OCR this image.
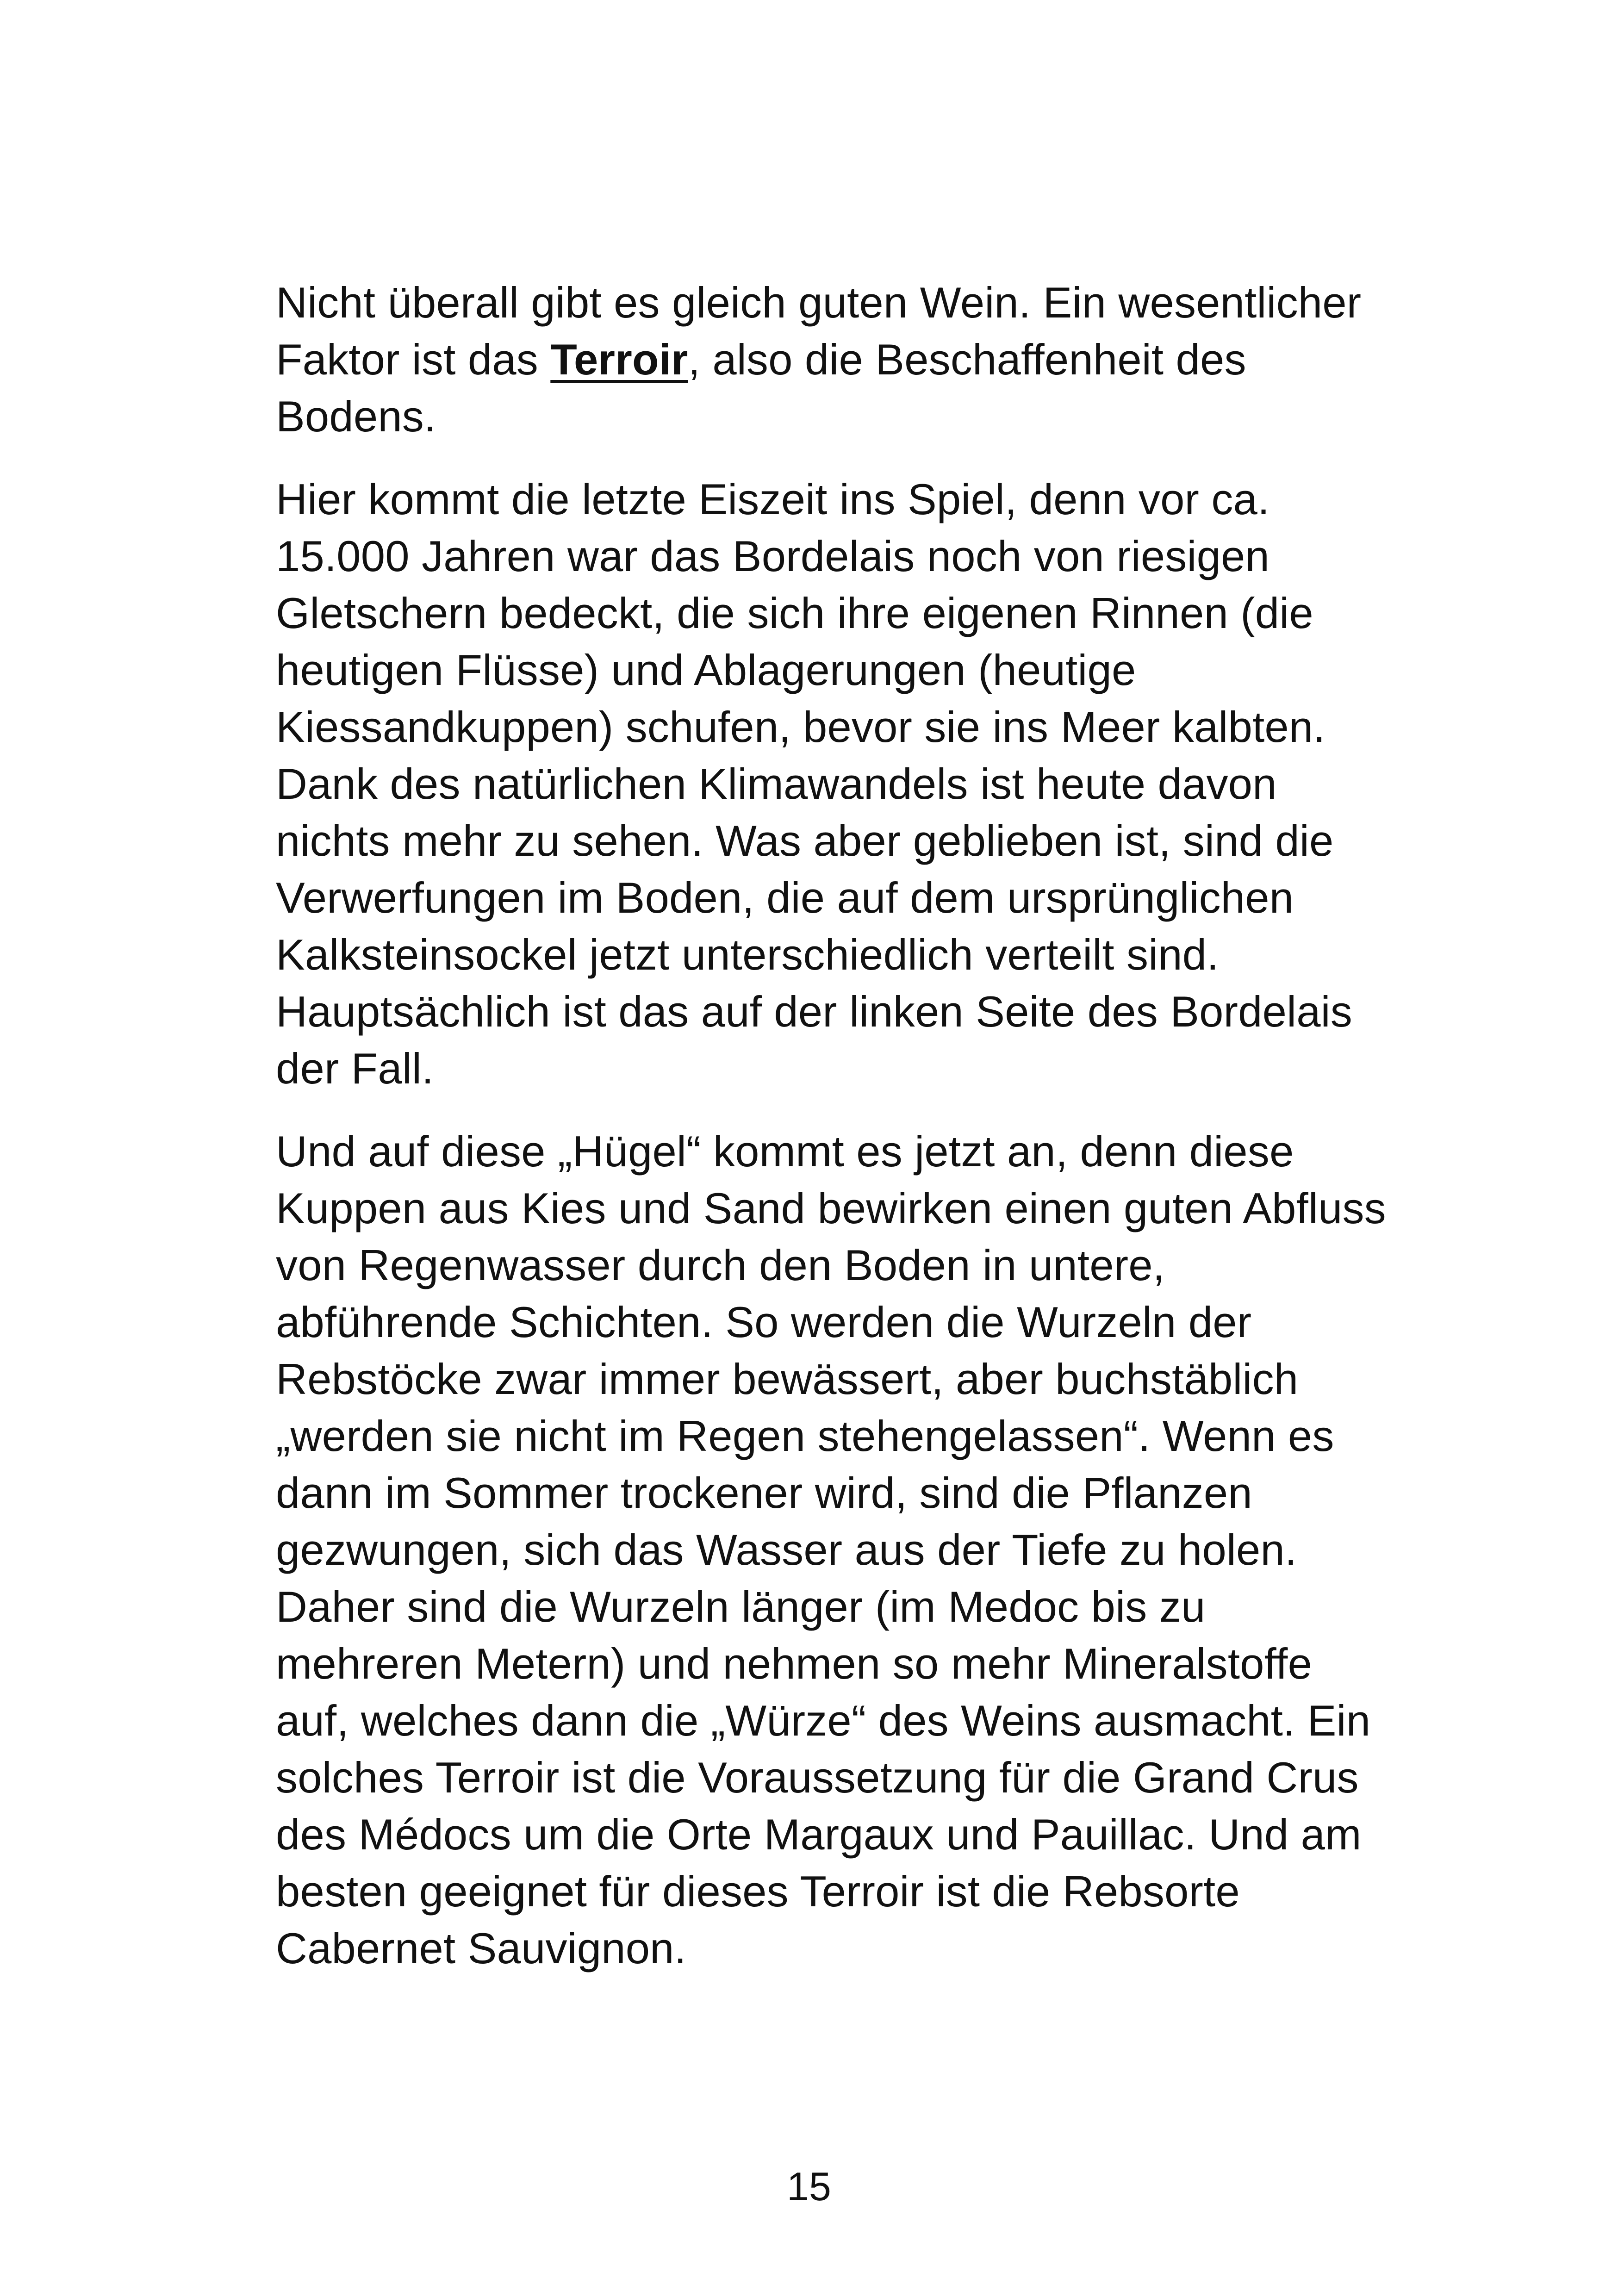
Nicht überall gibt es gleich guten Wein. Ein wesentlicher
Faktor ist das Terroir, also die Beschaffenheit des
Bodens.

Hier kommt die letzte Eiszeit ins Spiel, denn vor ca.
15.000 Jahren war das Bordelais noch von riesigen
Gletschern bedeckt, die sich ihre eigenen Rinnen (die
heutigen Flüsse) und Ablagerungen (heutige
Kiessandkuppen) schufen, bevor sie ins Meer kalbten.
Dank des natürlichen Klimawandels ist heute davon
nichts mehr zu sehen. Was aber geblieben ist, sind die
Verwerfungen im Boden, die auf dem ursprünglichen
Kalksteinsockel jetzt unterschiedlich verteilt sind.
Hauptsächlich ist das auf der linken Seite des Bordelais
der Fall.

Und auf diese „Hügel“ kommt es jetzt an, denn diese
Kuppen aus Kies und Sand bewirken einen guten Abfluss
von Regenwasser durch den Boden in untere,
abführende Schichten. So werden die Wurzeln der
Rebstöcke zwar immer bewässert, aber buchstäblich
„werden sie nicht im Regen stehengelassen“. Wenn es
dann im Sommer trockener wird, sind die Pflanzen
gezwungen, sich das Wasser aus der Tiefe zu holen.
Daher sind die Wurzeln länger (im Medoc bis zu
mehreren Metern) und nehmen so mehr Mineralstoffe
auf, welches dann die „Würze“ des Weins ausmacht. Ein
solches Terroir ist die Voraussetzung für die Grand Crus
des Médocs um die Orte Margaux und Pauillac. Und am
besten geeignet für dieses Terroir ist die Rebsorte
Cabernet Sauvignon.

15
